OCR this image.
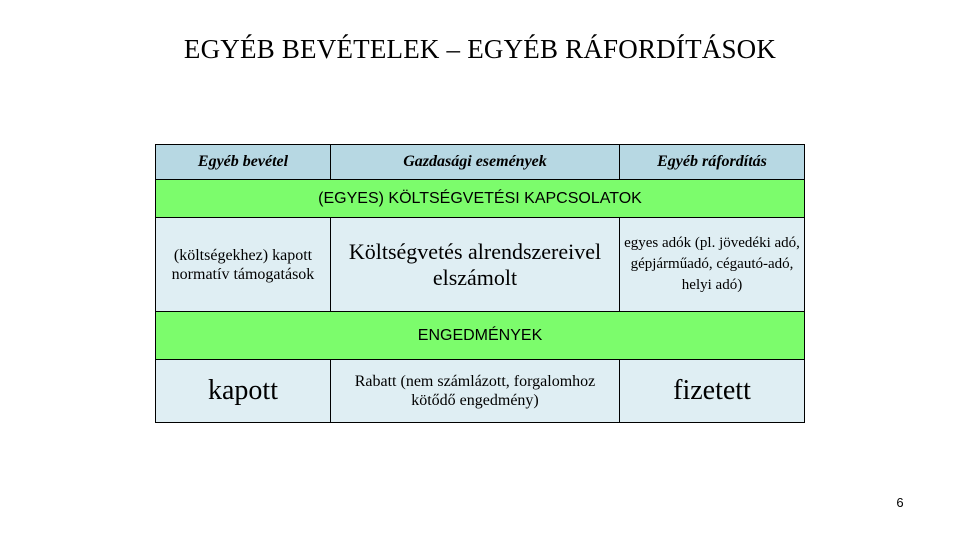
EGYÉB BEVÉTELEK – EGYÉB RÁFORDÍTÁSOK
Egyéb bevétel	Gazdasági események	Egyéb ráfordítás
(EGYES) KÖLTSÉGVETÉSI KAPCSOLATOK		
(költségekhez) kapott normatív támogatások	Költségvetés alrendszereivel elszámolt	egyes adók (pl. jövedéki adó, gépjárműadó, cégautó-adó, helyi adó)
ENGEDMÉNYEK		
kapott	Rabatt (nem számlázott, forgalomhoz kötődő engedmény)	fizetett
6
